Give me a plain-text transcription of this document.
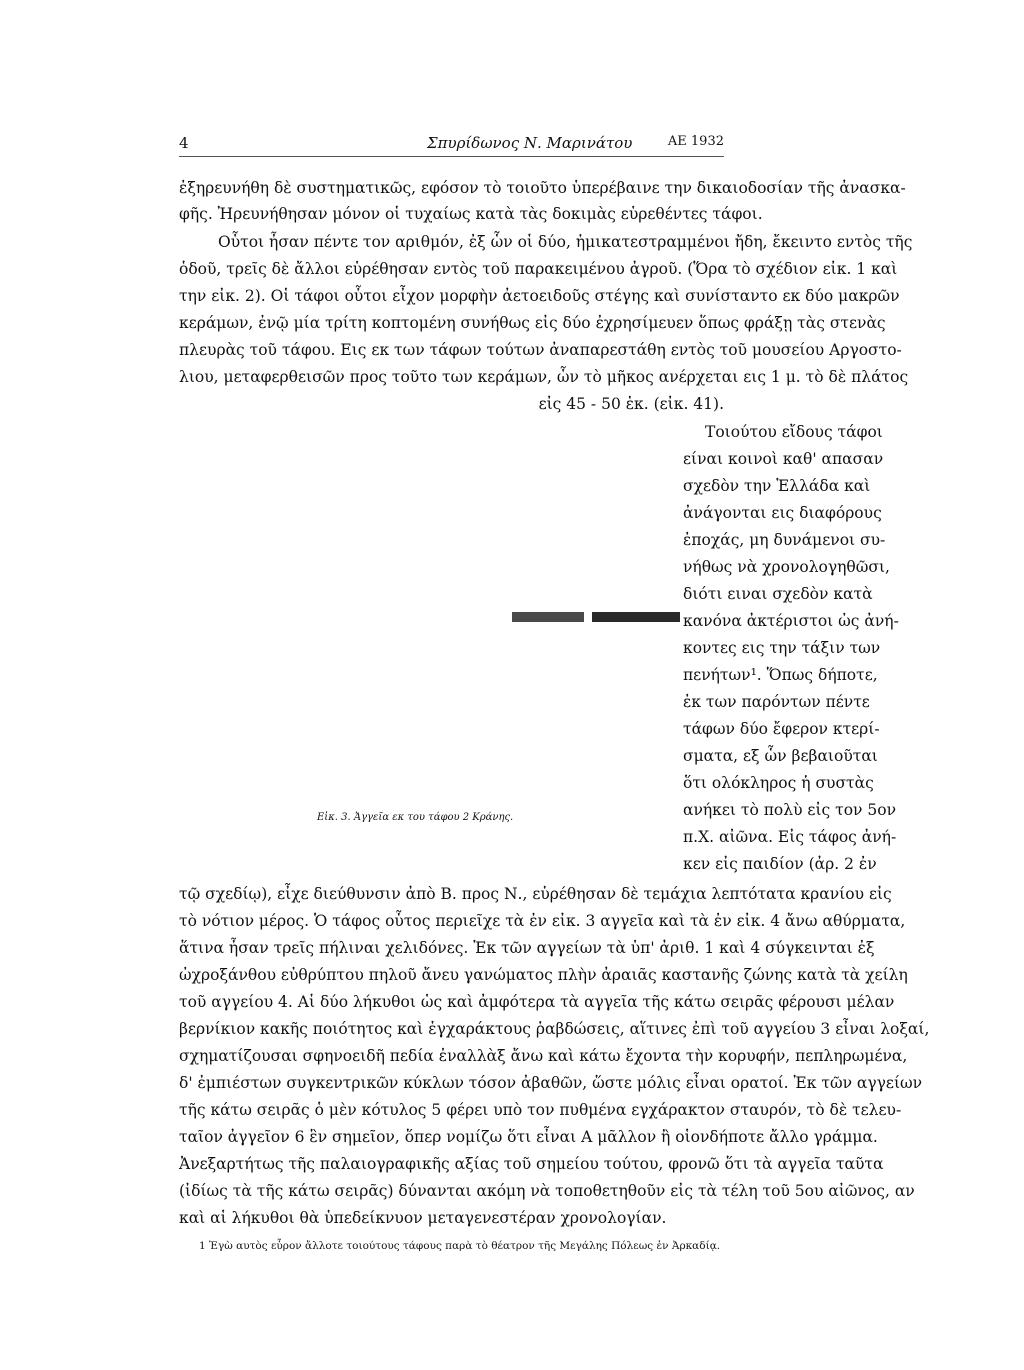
4	Σπυρίδωνος Ν. Μαρινάτου	ΑΕ 1932
ἐξηρευνήθη δὲ συστηματικῶς, εφόσον τὸ τοιοῦτο ὑπερέβαινε την δικαιοδοσίαν τῆς ἀνασκα-
φῆς. Ἠρευνήθησαν μόνον οἱ τυχαίως κατὰ τὰς δοκιμὰς εὑρεθέντες τάφοι.
Οὗτοι ἦσαν πέντε τον αριθμόν, ἐξ ὧν οἱ δύο, ἡμικατεστραμμένοι ἤδη, ἔκειντο εντὸς τῆς
ὁδοῦ, τρεῖς δὲ ἄλλοι εὑρέθησαν εντὸς τοῦ παρακειμένου ἀγροῦ. (Ὅρα τὸ σχέδιον εἰκ. 1 καὶ
την εἰκ. 2). Οἱ τάφοι οὗτοι εἶχον μορφὴν ἀετοειδοῦς στέγης καὶ συνίσταντο εκ δύο μακρῶν
κεράμων, ἐνῷ μία τρίτη κοπτομένη συνήθως εἰς δύο ἐχρησίμευεν ὅπως φράξῃ τὰς στενὰς
πλευρὰς τοῦ τάφου. Εις εκ των τάφων τούτων ἀναπαρεστάθη εντὸς τοῦ μουσείου Αργοστο-
λιου, μεταφερθεισῶν προς τοῦτο των κεράμων, ὧν τὸ μῆκος ανέρχεται εις 1 μ. τὸ δὲ πλάτος
εἰς 45 - 50 ἑκ. (εἰκ. 41).
Τοιούτου εἴδους τάφοι
είναι κοινοὶ καθ' απασαν
σχεδὸν την Ἑλλάδα καὶ
ἀνάγονται εις διαφόρους
ἐποχάς, μη δυνάμενοι συ-
νήθως νὰ χρονολογηθῶσι,
διότι ειναι σχεδὸν κατὰ
κανόνα ἀκτέριστοι ὡς ἀνή-
κοντες εις την τάξιν των
πενήτων¹. Ὅπως δήποτε,
ἐκ των παρόντων πέντε
τάφων δύο ἔφερον κτερί-
σματα, εξ ὧν βεβαιοῦται
ὅτι ολόκληρος ἡ συστὰς
ανήκει τὸ πολὺ εἰς τον 5ον
π.Χ. αἰῶνα. Εἰς τάφος ἀνή-
κεν εἰς παιδίον (ἀρ. 2 ἐν
Εἰκ. 3. Ἀγγεῖα εκ του τάφου 2 Κράνης.
τῷ σχεδίῳ), εἶχε διεύθυνσιν ἀπὸ Β. προς Ν., εὑρέθησαν δὲ τεμάχια λεπτότατα κρανίου εἰς
τὸ νότιον μέρος. Ὁ τάφος οὗτος περιεῖχε τὰ ἐν εἰκ. 3 αγγεῖα καὶ τὰ ἐν εἰκ. 4 ἄνω αθύρματα,
ἅτινα ἦσαν τρεῖς πήλιναι χελιδόνες. Ἐκ τῶν αγγείων τὰ ὑπ' ἀριθ. 1 καὶ 4 σύγκεινται ἐξ
ὠχροξάνθου εὐθρύπτου πηλοῦ ἄνευ γανώματος πλὴν ἀραιᾶς καστανῆς ζώνης κατὰ τὰ χείλη
τοῦ αγγείου 4. Αἱ δύο λήκυθοι ὡς καὶ ἀμφότερα τὰ αγγεῖα τῆς κάτω σειρᾶς φέρουσι μέλαν
βερνίκιον κακῆς ποιότητος καὶ ἐγχαράκτους ῥαβδώσεις, αἵτινες ἐπὶ τοῦ αγγείου 3 εἶναι λοξαί,
σχηματίζουσαι σφηνοειδῆ πεδία ἐναλλὰξ ἄνω καὶ κάτω ἔχοντα τὴν κορυφήν, πεπληρωμένα,
δ' ἐμπιέστων συγκεντρικῶν κύκλων τόσον ἀβαθῶν, ὥστε μόλις εἶναι ορατοί. Ἐκ τῶν αγγείων
τῆς κάτω σειρᾶς ὁ μὲν κότυλος 5 φέρει υπὸ τον πυθμένα εγχάρακτον σταυρόν, τὸ δὲ τελευ-
ταῖον ἀγγεῖον 6 ἓν σημεῖον, ὅπερ νομίζω ὅτι εἶναι Α μᾶλλον ἢ οἱονδήποτε ἄλλο γράμμα.
Ἀνεξαρτήτως τῆς παλαιογραφικῆς αξίας τοῦ σημείου τούτου, φρονῶ ὅτι τὰ αγγεῖα ταῦτα
(ἰδίως τὰ τῆς κάτω σειρᾶς) δύνανται ακόμη νὰ τοποθετηθοῦν εἰς τὰ τέλη τοῦ 5ου αἰῶνος, αν
καὶ αἱ λήκυθοι θὰ ὑπεδείκνυον μεταγενεστέραν χρονολογίαν.
1 Ἐγὼ αυτὸς εὗρον ἄλλοτε τοιούτους τάφους παρὰ τὸ θέατρον τῆς Μεγάλης Πόλεως ἐν Ἀρκαδίᾳ.
